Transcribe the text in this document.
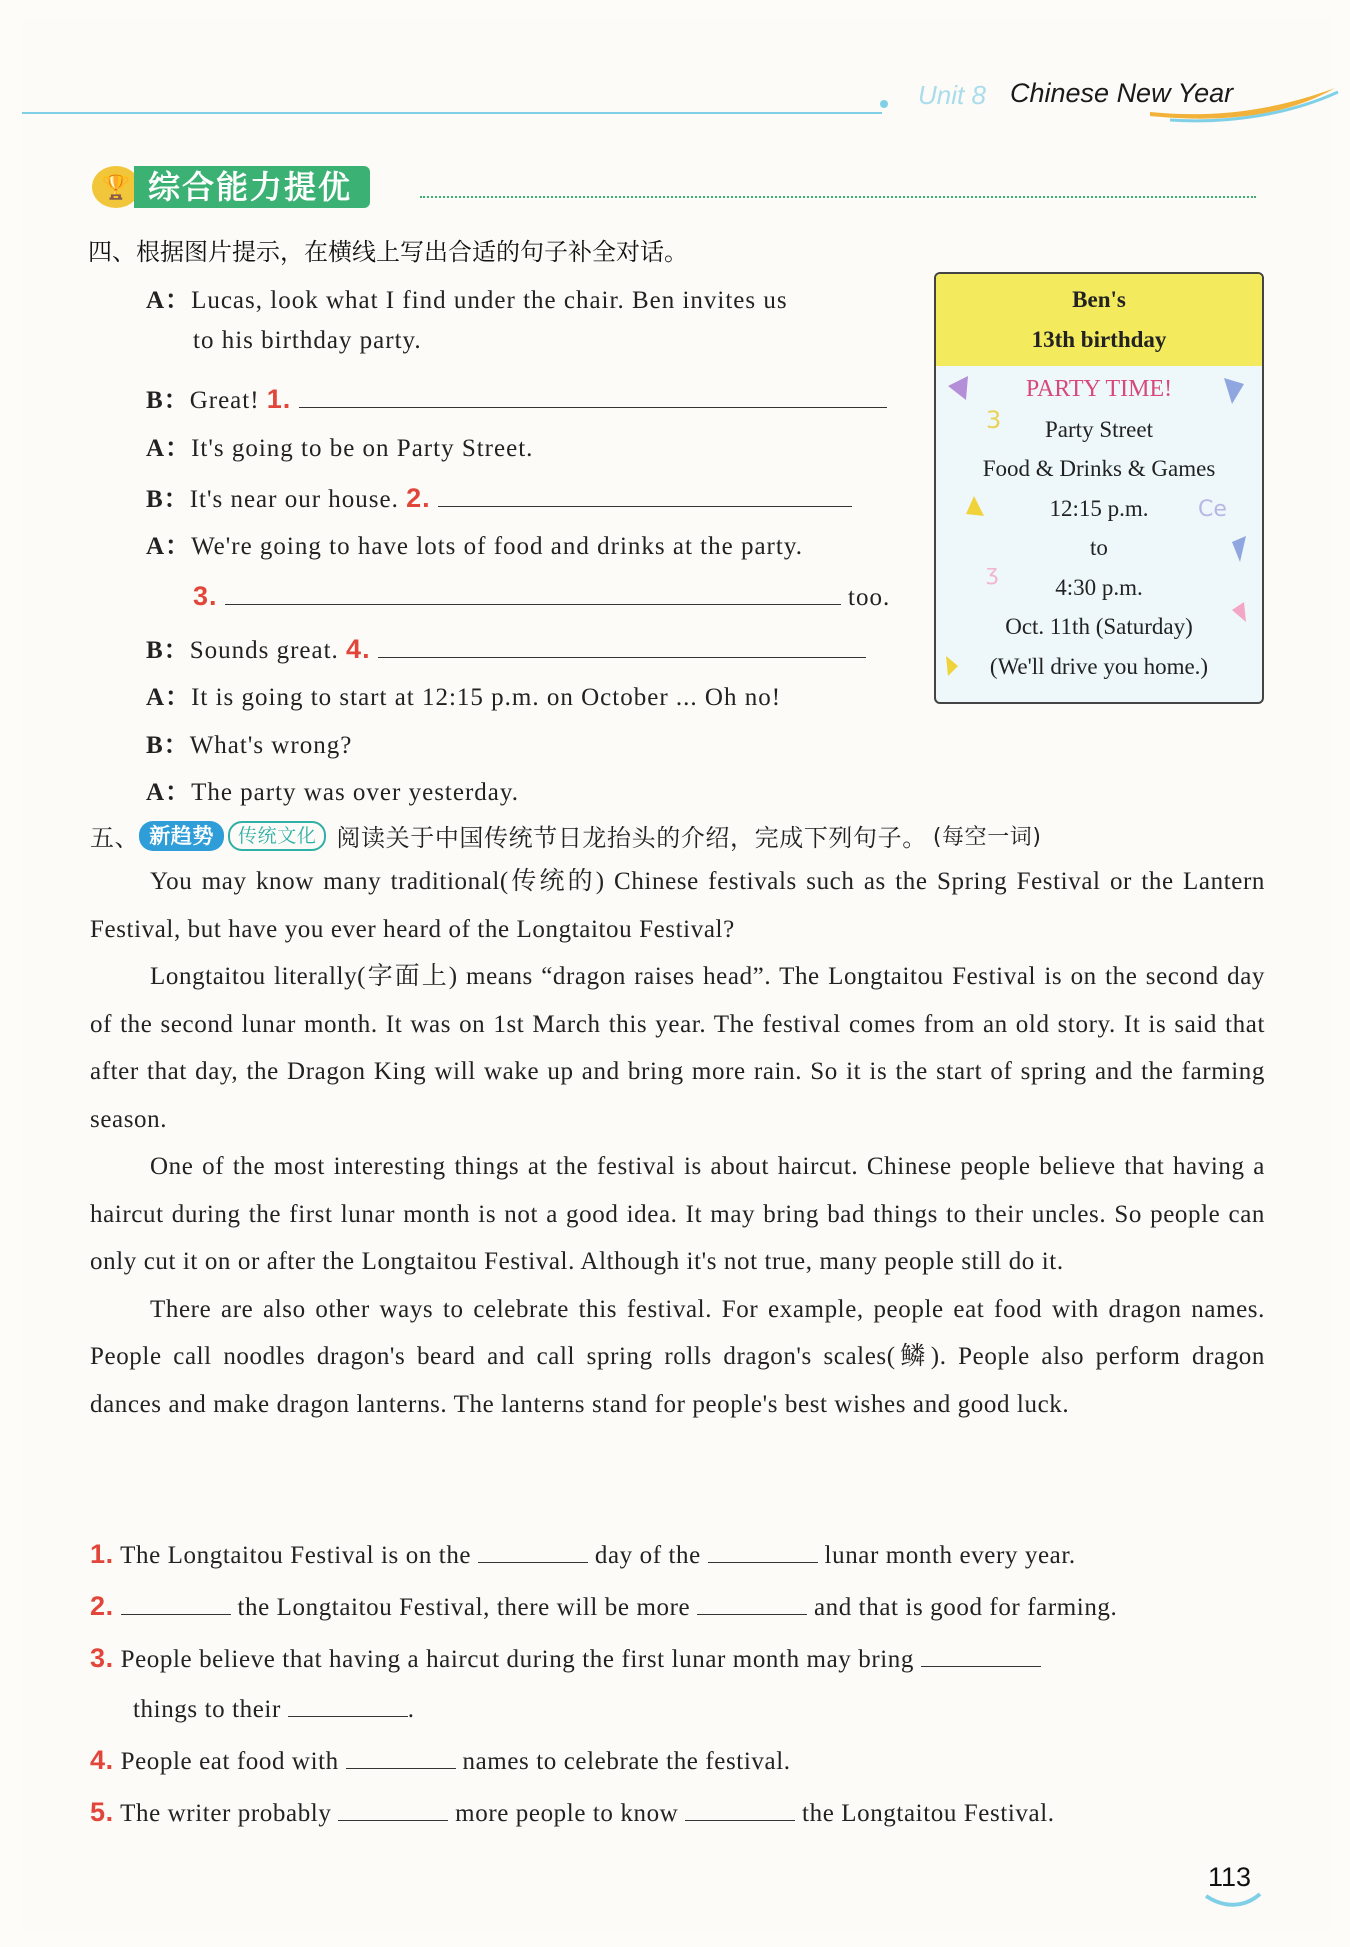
Unit 8 Chinese New Year
🏆 综合能力提优
四、根据图片提示，在横线上写出合适的句子补全对话。
A：Lucas, look what I find under the chair. Ben invites us
to his birthday party.
B：Great! 1.
A：It's going to be on Party Street.
B：It's near our house. 2.
A：We're going to have lots of food and drinks at the party.
3.	too.
B：Sounds great. 4.
A：It is going to start at 12:15 p.m. on October ... Oh no!
B：What's wrong?
A：The party was over yesterday.
Ben's
13th birthday
PARTY TIME!
Party Street
Food & Drinks & Games
12:15 p.m.
to
4:30 p.m.
Oct. 11th (Saturday)
(We'll drive you home.)
3
Ce
ʒ
五、 新趋势	传统文化 阅读关于中国传统节日龙抬头的介绍，完成下列句子。 (每空一词)

You may know many traditional(传统的) Chinese festivals such as the Spring Festival or the Lantern Festival, but have you ever heard of the Longtaitou Festival?

Longtaitou literally(字面上) means “dragon raises head”. The Longtaitou Festival is on the second day of the second lunar month. It was on 1st March this year. The festival comes from an old story. It is said that after that day, the Dragon King will wake up and bring more rain. So it is the start of spring and the farming season.

One of the most interesting things at the festival is about haircut. Chinese people believe that having a haircut during the first lunar month is not a good idea. It may bring bad things to their uncles. So people can only cut it on or after the Longtaitou Festival. Although it's not true, many people still do it.

There are also other ways to celebrate this festival. For example, people eat food with dragon names. People call noodles dragon's beard and call spring rolls dragon's scales(鳞). People also perform dragon dances and make dragon lanterns. The lanterns stand for people's best wishes and good luck.

1. The Longtaitou Festival is on the	day of the	lunar month every year.
2.	the Longtaitou Festival, there will be more	and that is good for farming.
3. People believe that having a haircut during the first lunar month may bring
things to their	.
4. People eat food with	names to celebrate the festival.
5. The writer probably	more people to know	the Longtaitou Festival.
113
